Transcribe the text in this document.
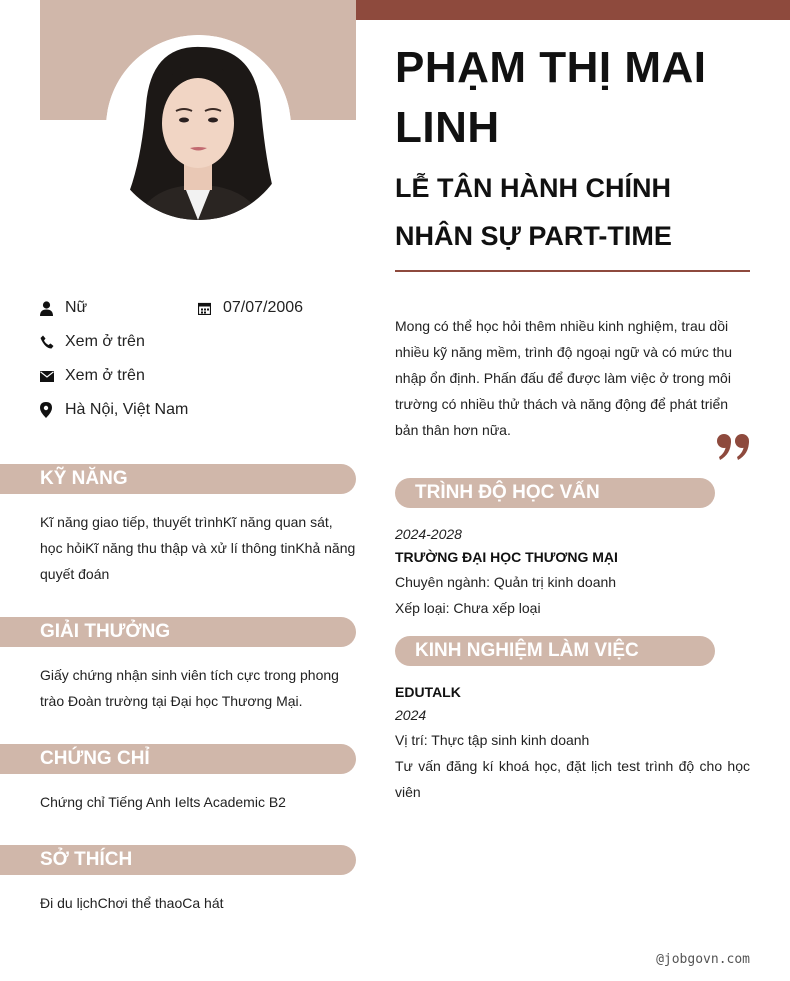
PHẠM THỊ MAI LINH
LỄ TÂN HÀNH CHÍNH NHÂN SỰ PART-TIME
Nữ	07/07/2006
Xem ở trên
Xem ở trên
Hà Nội, Việt Nam
KỸ NĂNG
Kĩ năng giao tiếp, thuyết trìnhKĩ năng quan sát, học hỏiKĩ năng thu thập và xử lí thông tinKhả năng quyết đoán
GIẢI THƯỞNG
Giấy chứng nhận sinh viên tích cực trong phong trào Đoàn trường tại Đại học Thương Mại.
CHỨNG CHỈ
Chứng chỉ Tiếng Anh Ielts Academic B2
SỞ THÍCH
Đi du lịchChơi thể thaoCa hát
Mong có thể học hỏi thêm nhiều kinh nghiệm, trau dồi nhiều kỹ năng mềm, trình độ ngoại ngữ và có mức thu nhập ổn định. Phấn đấu để được làm việc ở trong môi trường có nhiều thử thách và năng động để phát triển bản thân hơn nữa.
TRÌNH ĐỘ HỌC VẤN
2024-2028
TRƯỜNG ĐẠI HỌC THƯƠNG MẠI
Chuyên ngành: Quản trị kinh doanh
Xếp loại: Chưa xếp loại
KINH NGHIỆM LÀM VIỆC
EDUTALK
2024
Vị trí: Thực tập sinh kinh doanh
Tư vấn đăng kí khoá học, đặt lịch test trình độ cho học viên
@jobgovn.com
